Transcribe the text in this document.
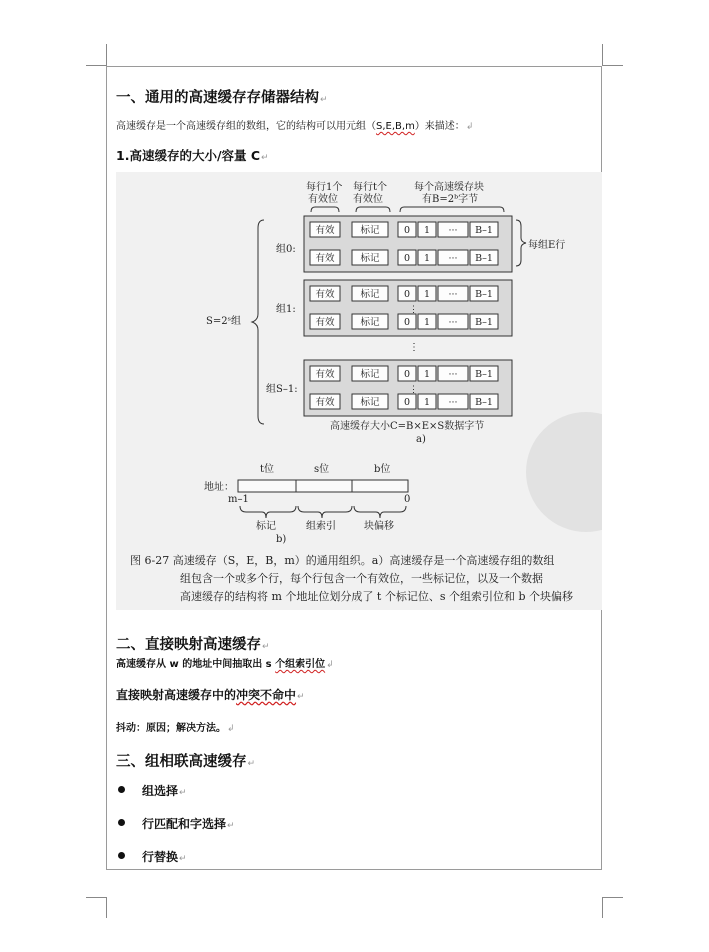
一、通用的高速缓存存储器结构↵
高速缓存是一个高速缓存组的数组，它的结构可以用元组（S,E,B,m）来描述：↲
1.高速缓存的大小/容量 C↵
每行1个
有效位
每行t个
有效位
每个高速缓存块
有B=2ᵇ字节
有效	标记	0 1 ··· B–1
有效	标记	0 1 ··· B–1
有效	标记	0 1 ··· B–1
有效	标记	0 1 ··· B–1
⋮
有效	标记	0 1 ··· B–1
有效	标记	0 1 ··· B–1
⋮
S=2ˢ组
组0:
组1:
组S–1:
每组E行
⋮
高速缓存大小C=B×E×S数据字节
a)
t位	s位	b位
地址：
m–1	0
标记	组索引	块偏移
b)
图 6-27 高速缓存（S，E，B，m）的通用组织。a）高速缓存是一个高速缓存组的数组
组包含一个或多个行，每个行包含一个有效位，一些标记位，以及一个数据
高速缓存的结构将 m 个地址位划分成了 t 个标记位、s 个组索引位和 b 个块偏移
二、直接映射高速缓存↵
高速缓存从 w 的地址中间抽取出 s 个组索引位↲
直接映射高速缓存中的冲突不命中↵
抖动：原因；解决方法。↲
三、组相联高速缓存↵
组选择↵
行匹配和字选择↵
行替换↵
